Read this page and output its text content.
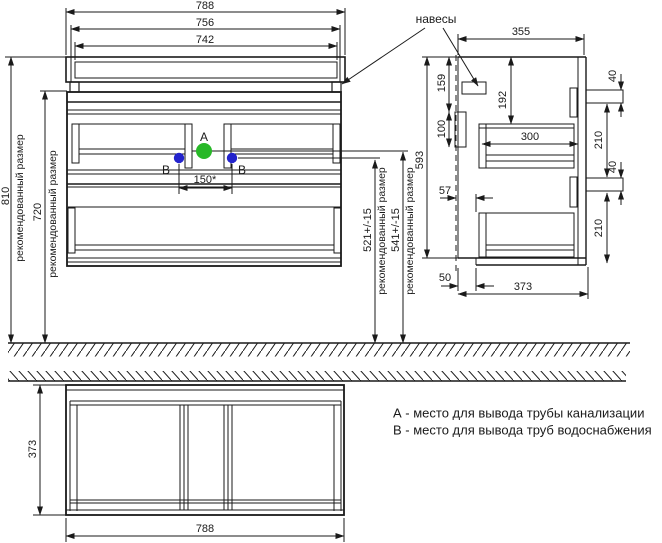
A
B	B
788
756
742
810 рекомендованный размер 720 рекомендованный размер	150*
521+/-15 рекомендованный размер 541+/-15 рекомендованный размер
навесы
355
593
159
100
192
300
40
210
40
210
57
50
373
373
788
А - место для вывода трубы канализации
В - место для вывода труб водоснабжения
